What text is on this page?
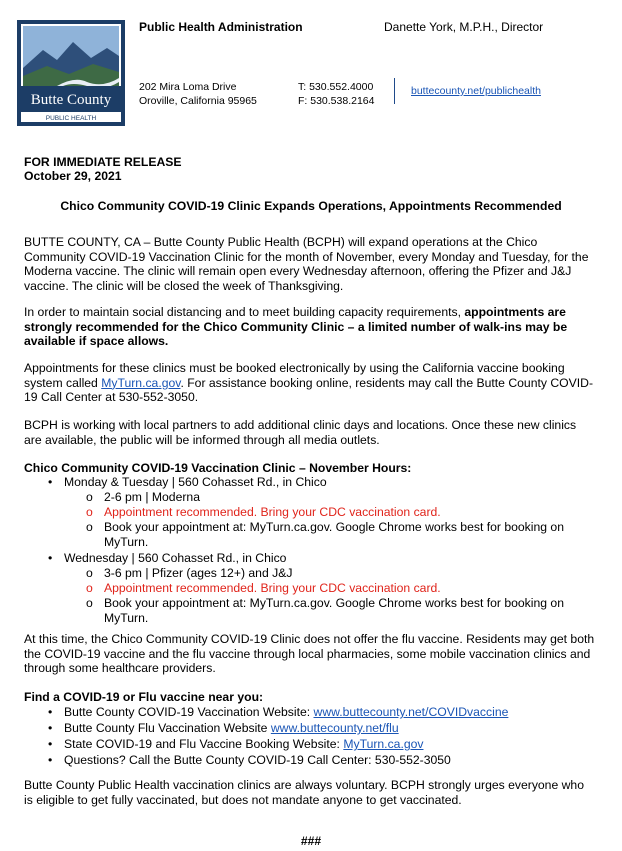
Butte County
PUBLIC HEALTH
Public Health Administration	Danette York, M.P.H., Director
202 Mira Loma Drive
Oroville, California 95965
T: 530.552.4000
F: 530.538.2164
buttecounty.net/publichealth
FOR IMMEDIATE RELEASE
October 29, 2021
Chico Community COVID-19 Clinic Expands Operations, Appointments Recommended
BUTTE COUNTY, CA – Butte County Public Health (BCPH) will expand operations at the Chico
Community COVID-19 Vaccination Clinic for the month of November, every Monday and Tuesday, for the
Moderna vaccine. The clinic will remain open every Wednesday afternoon, offering the Pfizer and J&J
vaccine. The clinic will be closed the week of Thanksgiving.
In order to maintain social distancing and to meet building capacity requirements, appointments are
strongly recommended for the Chico Community Clinic – a limited number of walk-ins may be
available if space allows.
Appointments for these clinics must be booked electronically by using the California vaccine booking
system called MyTurn.ca.gov. For assistance booking online, residents may call the Butte County COVID-
19 Call Center at 530-552-3050.
BCPH is working with local partners to add additional clinic days and locations. Once these new clinics
are available, the public will be informed through all media outlets.
Chico Community COVID-19 Vaccination Clinic – November Hours:
• Monday & Tuesday | 560 Cohasset Rd., in Chico
o 2-6 pm | Moderna
o Appointment recommended. Bring your CDC vaccination card.
o Book your appointment at: MyTurn.ca.gov. Google Chrome works best for booking on
MyTurn.
• Wednesday | 560 Cohasset Rd., in Chico
o 3-6 pm | Pfizer (ages 12+) and J&J
o Appointment recommended. Bring your CDC vaccination card.
o Book your appointment at: MyTurn.ca.gov. Google Chrome works best for booking on
MyTurn.
At this time, the Chico Community COVID-19 Clinic does not offer the flu vaccine. Residents may get both
the COVID-19 vaccine and the flu vaccine through local pharmacies, some mobile vaccination clinics and
through some healthcare providers.
Find a COVID-19 or Flu vaccine near you:
• Butte County COVID-19 Vaccination Website: www.buttecounty.net/COVIDvaccine
• Butte County Flu Vaccination Website www.buttecounty.net/flu
• State COVID-19 and Flu Vaccine Booking Website: MyTurn.ca.gov
• Questions? Call the Butte County COVID-19 Call Center: 530-552-3050
Butte County Public Health vaccination clinics are always voluntary. BCPH strongly urges everyone who
is eligible to get fully vaccinated, but does not mandate anyone to get vaccinated.
###
